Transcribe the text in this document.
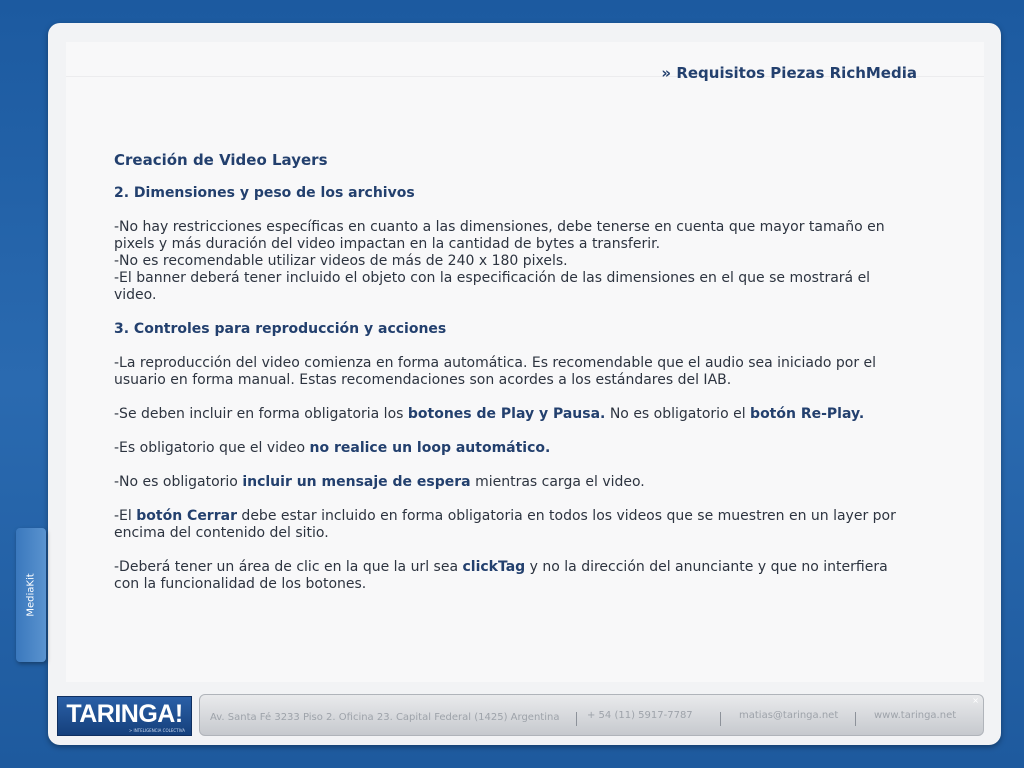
» Requisitos Piezas RichMedia
Creación de Video Layers
2. Dimensiones y peso de los archivos

-No hay restricciones específicas en cuanto a las dimensiones, debe tenerse en cuenta que mayor tamaño en pixels y más duración del video impactan en la cantidad de bytes a transferir.

-No es recomendable utilizar videos de más de 240 x 180 pixels.

-El banner deberá tener incluido el objeto con la especificación de las dimensiones en el que se mostrará el video.

3. Controles para reproducción y acciones

-La reproducción del video comienza en forma automática. Es recomendable que el audio sea iniciado por el usuario en forma manual. Estas recomendaciones son acordes a los estándares del IAB.

-Se deben incluir en forma obligatoria los botones de Play y Pausa. No es obligatorio el botón Re-Play.

-Es obligatorio que el video no realice un loop automático.

-No es obligatorio incluir un mensaje de espera mientras carga el video.

-El botón Cerrar debe estar incluido en forma obligatoria en todos los videos que se muestren en un layer por encima del contenido del sitio.

-Deberá tener un área de clic en la que la url sea clickTag y no la dirección del anunciante y que no interfiera con la funcionalidad de los botones.

MediaKit
TARINGA!
> INTELIGENCIA COLECTIVA
Av. Santa Fé 3233 Piso 2. Oficina 23. Capital Federal (1425) Argentina	+ 54 (11) 5917-7787	matias@taringa.net	www.taringa.net
×
